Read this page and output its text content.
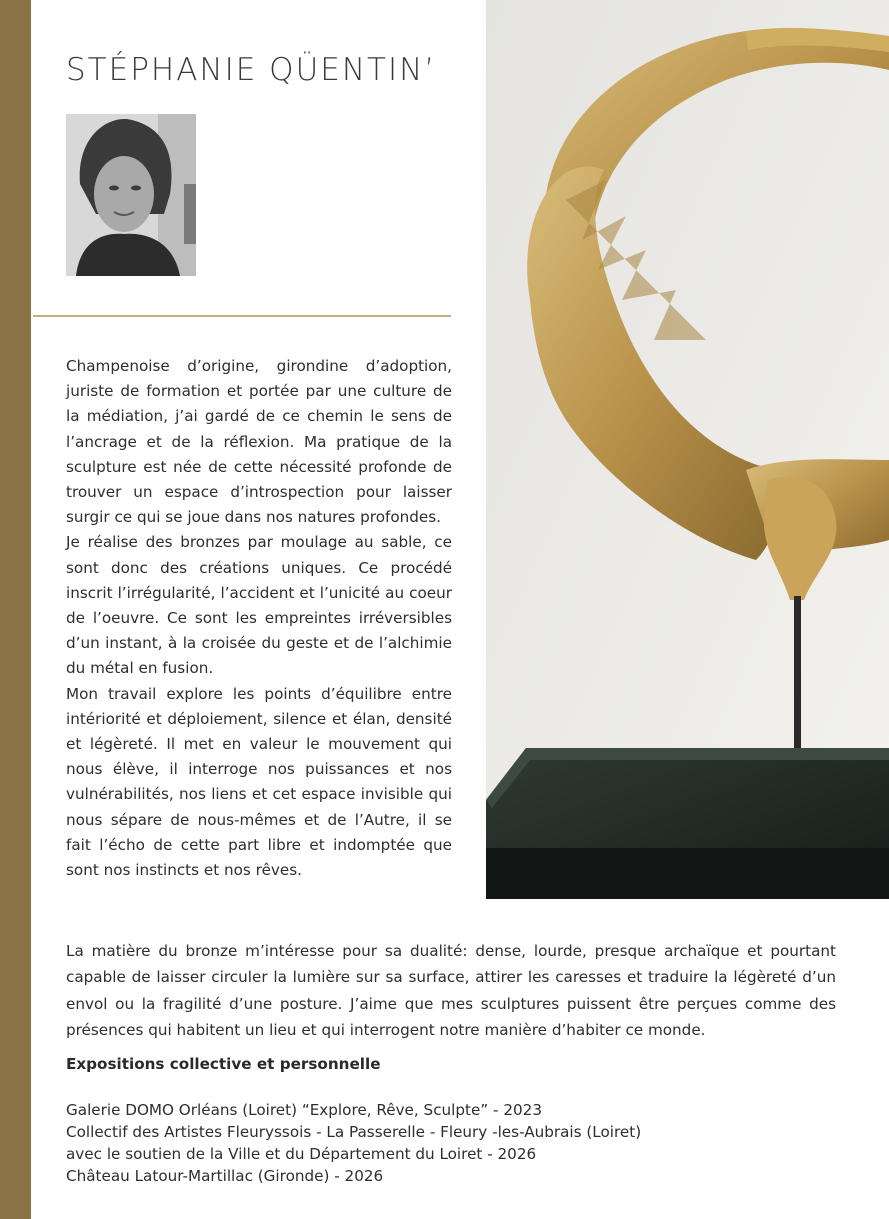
STÉPHANIE QÜENTIN’

Champenoise d’origine, girondine d’adoption, juriste de formation et portée par une culture de la médiation, j’ai gardé de ce chemin le sens de l’ancrage et de la réflexion. Ma pratique de la sculpture est née de cette nécessité profonde de trouver un espace d’introspection pour laisser surgir ce qui se joue dans nos natures profondes.

Je réalise des bronzes par moulage au sable, ce sont donc des créations uniques. Ce procédé inscrit l’irrégularité, l’accident et l’unicité au coeur de l’oeuvre. Ce sont les empreintes irréversibles d’un instant, à la croisée du geste et de l’alchimie du métal en fusion.

Mon travail explore les points d’équilibre entre intériorité et déploiement, silence et élan, densité et légèreté. Il met en valeur le mouvement qui nous élève, il interroge nos puissances et nos vulnérabilités, nos liens et cet espace invisible qui nous sépare de nous-mêmes et de l’Autre, il se fait l’écho de cette part libre et indomptée que sont nos instincts et nos rêves.

La matière du bronze m’intéresse pour sa dualité: dense, lourde, presque archaïque et pourtant capable de laisser circuler la lumière sur sa surface, attirer les caresses et traduire la légèreté d’un envol ou la fragilité d’une posture. J’aime que mes sculptures puissent être perçues comme des présences qui habitent un lieu et qui interrogent notre manière d’habiter ce monde.

Expositions collective et personnelle
Galerie DOMO Orléans (Loiret) “Explore, Rêve, Sculpte” - 2023
Collectif des Artistes Fleuryssois - La Passerelle - Fleury -les-Aubrais (Loiret)
avec le soutien de la Ville et du Département du Loiret - 2026
Château Latour-Martillac (Gironde) - 2026
